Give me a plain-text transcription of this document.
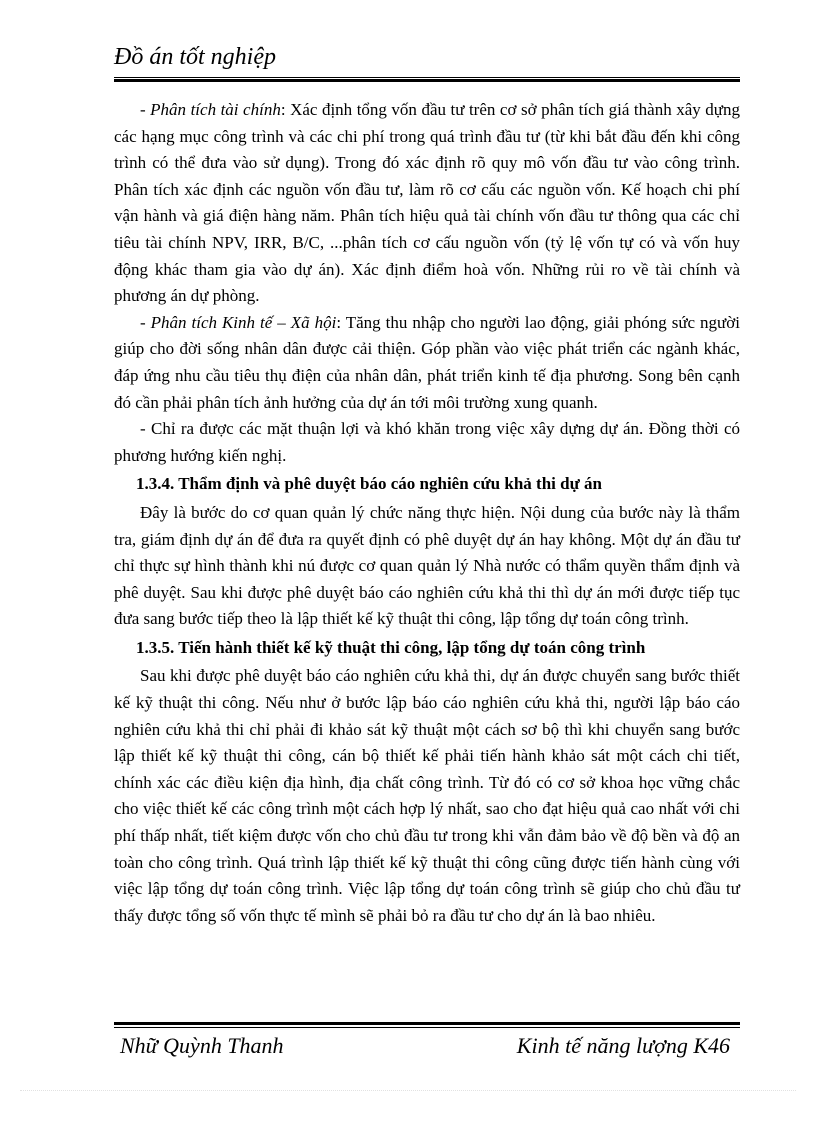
Đồ án tốt nghiệp

- Phân tích tài chính: Xác định tổng vốn đầu tư trên cơ sở phân tích giá thành xây dựng các hạng mục công trình và các chi phí trong quá trình đầu tư (từ khi bắt đầu đến khi công trình có thể đưa vào sử dụng). Trong đó xác định rõ quy mô vốn đầu tư vào công trình. Phân tích xác định các nguồn vốn đầu tư, làm rõ cơ cấu các nguồn vốn. Kế hoạch chi phí vận hành và giá điện hàng năm. Phân tích hiệu quả tài chính vốn đầu tư thông qua các chỉ tiêu tài chính NPV, IRR, B/C, ...phân tích cơ cấu nguồn vốn (tỷ lệ vốn tự có và vốn huy động khác tham gia vào dự án). Xác định điểm hoà vốn. Những rủi ro về tài chính và phương án dự phòng.

- Phân tích Kinh tế – Xã hội: Tăng thu nhập cho người lao động, giải phóng sức người giúp cho đời sống nhân dân được cải thiện. Góp phần vào việc phát triển các ngành khác, đáp ứng nhu cầu tiêu thụ điện của nhân dân, phát triển kinh tế địa phương. Song bên cạnh đó cần phải phân tích ảnh hưởng của dự án tới môi trường xung quanh.

- Chỉ ra được các mặt thuận lợi và khó khăn trong việc xây dựng dự án. Đồng thời có phương hướng kiến nghị.

1.3.4. Thẩm định và phê duyệt báo cáo nghiên cứu khả thi dự án

Đây là bước do cơ quan quản lý chức năng thực hiện. Nội dung của bước này là thẩm tra, giám định dự án để đưa ra quyết định có phê duyệt dự án hay không. Một dự án đầu tư chỉ thực sự hình thành khi nú được cơ quan quản lý Nhà nước có thẩm quyền thẩm định và phê duyệt. Sau khi được phê duyệt báo cáo nghiên cứu khả thi thì dự án mới được tiếp tục đưa sang bước tiếp theo là lập thiết kế kỹ thuật thi công, lập tổng dự toán công trình.

1.3.5. Tiến hành thiết kế kỹ thuật thi công, lập tổng dự toán công trình

Sau khi được phê duyệt báo cáo nghiên cứu khả thi, dự án được chuyển sang bước thiết kế kỹ thuật thi công. Nếu như ở bước lập báo cáo nghiên cứu khả thi, người lập báo cáo nghiên cứu khả thi chỉ phải đi khảo sát kỹ thuật một cách sơ bộ thì khi chuyển sang bước lập thiết kế kỹ thuật thi công, cán bộ thiết kế phải tiến hành khảo sát một cách chi tiết, chính xác các điều kiện địa hình, địa chất công trình. Từ đó có cơ sở khoa học vững chắc cho việc thiết kế các công trình một cách hợp lý nhất, sao cho đạt hiệu quả cao nhất với chi phí thấp nhất, tiết kiệm được vốn cho chủ đầu tư trong khi vẫn đảm bảo về độ bền và độ an toàn cho công trình. Quá trình lập thiết kế kỹ thuật thi công cũng được tiến hành cùng với việc lập tổng dự toán công trình. Việc lập tổng dự toán công trình sẽ giúp cho chủ đầu tư thấy được tổng số vốn thực tế mình sẽ phải bỏ ra đầu tư cho dự án là bao nhiêu.

Nhữ Quỳnh Thanh	Kinh tế năng lượng K46
